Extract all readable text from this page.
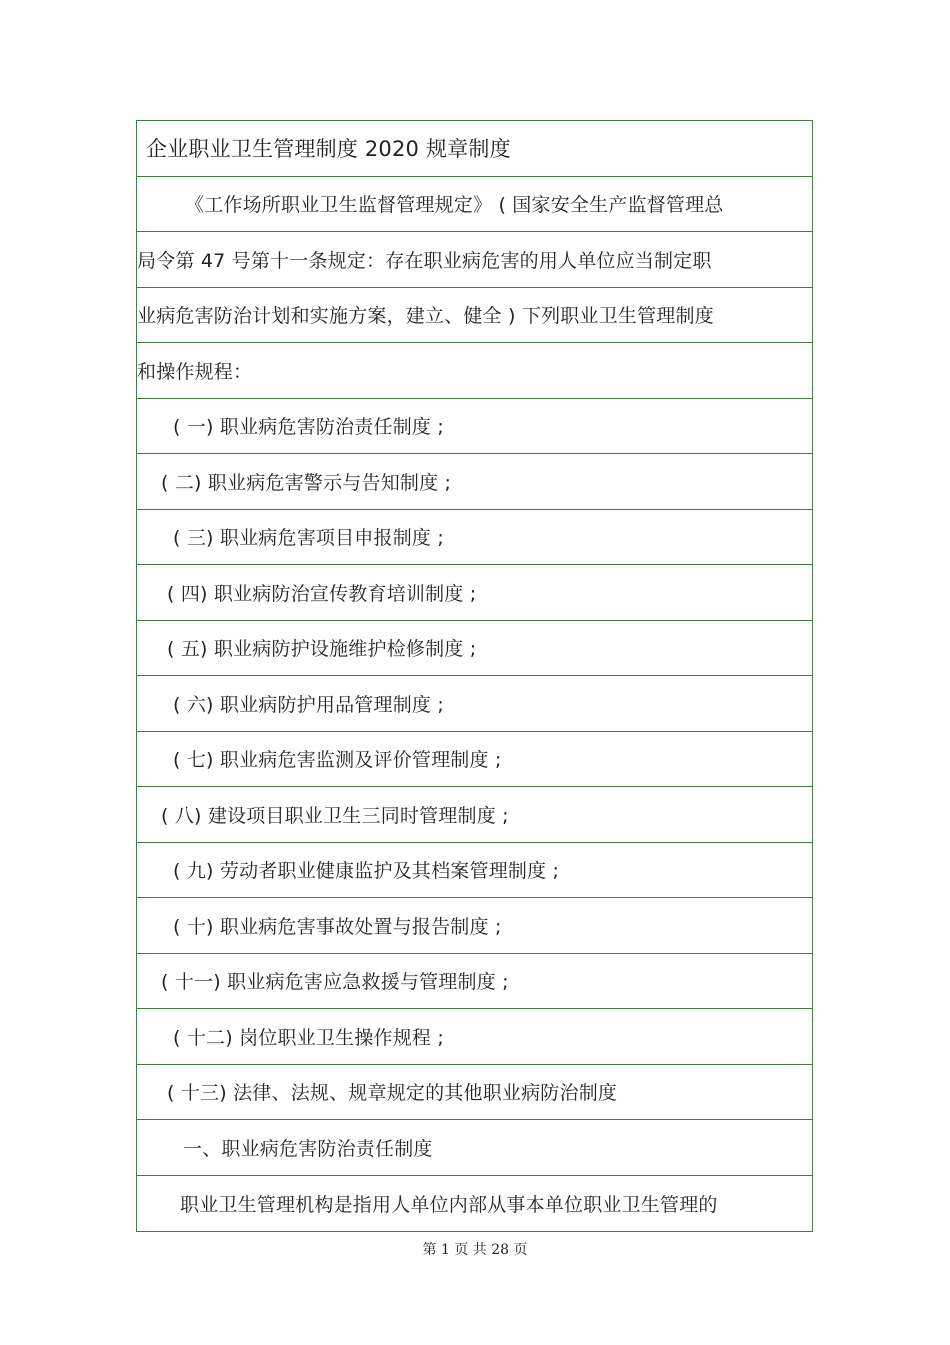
企业职业卫生管理制度 2020 规章制度
《工作场所职业卫生监督管理规定》 ( 国家安全生产监督管理总
局令第 47 号第十一条规定：存在职业病危害的用人单位应当制定职
业病危害防治计划和实施方案，建立、健全 ) 下列职业卫生管理制度
和操作规程：
( 一) 职业病危害防治责任制度 ;
( 二) 职业病危害警示与告知制度 ;
( 三) 职业病危害项目申报制度 ;
( 四) 职业病防治宣传教育培训制度 ;
( 五) 职业病防护设施维护检修制度 ;
( 六) 职业病防护用品管理制度 ;
( 七) 职业病危害监测及评价管理制度 ;
( 八) 建设项目职业卫生三同时管理制度 ;
( 九) 劳动者职业健康监护及其档案管理制度 ;
( 十) 职业病危害事故处置与报告制度 ;
( 十一) 职业病危害应急救援与管理制度 ;
( 十二) 岗位职业卫生操作规程 ;
( 十三) 法律、法规、规章规定的其他职业病防治制度
一、职业病危害防治责任制度
职业卫生管理机构是指用人单位内部从事本单位职业卫生管理的
第 1 页 共 28 页
